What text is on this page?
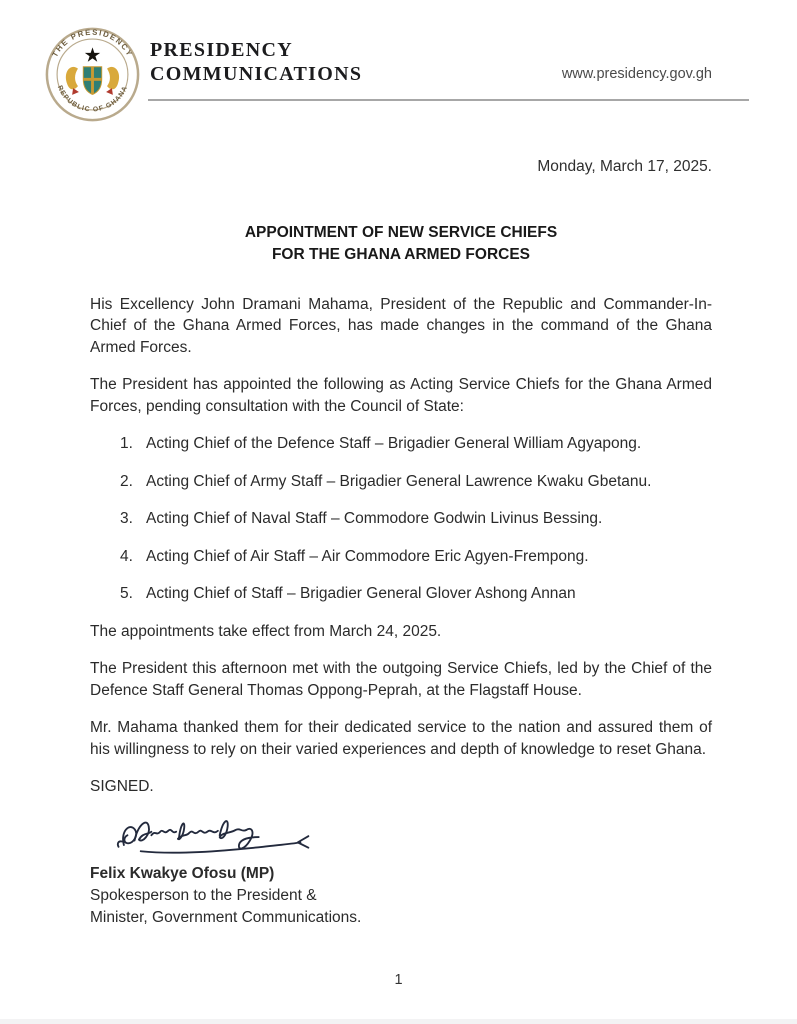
THE PRESIDENCY
REPUBLIC OF GHANA
PRESIDENCY
COMMUNICATIONS	www.presidency.gov.gh
Monday, March 17, 2025.
APPOINTMENT OF NEW SERVICE CHIEFS
FOR THE GHANA ARMED FORCES

His Excellency John Dramani Mahama, President of the Republic and Commander-In-Chief of the Ghana Armed Forces, has made changes in the command of the Ghana Armed Forces.

The President has appointed the following as Acting Service Chiefs for the Ghana Armed Forces, pending consultation with the Council of State:

1. Acting Chief of the Defence Staff – Brigadier General William Agyapong.
2. Acting Chief of Army Staff – Brigadier General Lawrence Kwaku Gbetanu.
3. Acting Chief of Naval Staff – Commodore Godwin Livinus Bessing.
4. Acting Chief of Air Staff – Air Commodore Eric Agyen-Frempong.
5. Acting Chief of Staff – Brigadier General Glover Ashong Annan

The appointments take effect from March 24, 2025.

The President this afternoon met with the outgoing Service Chiefs, led by the Chief of the Defence Staff General Thomas Oppong-Peprah, at the Flagstaff House.

Mr. Mahama thanked them for their dedicated service to the nation and assured them of his willingness to rely on their varied experiences and depth of knowledge to reset Ghana.

SIGNED.

Felix Kwakye Ofosu (MP)
Spokesperson to the President &
Minister, Government Communications.
1
